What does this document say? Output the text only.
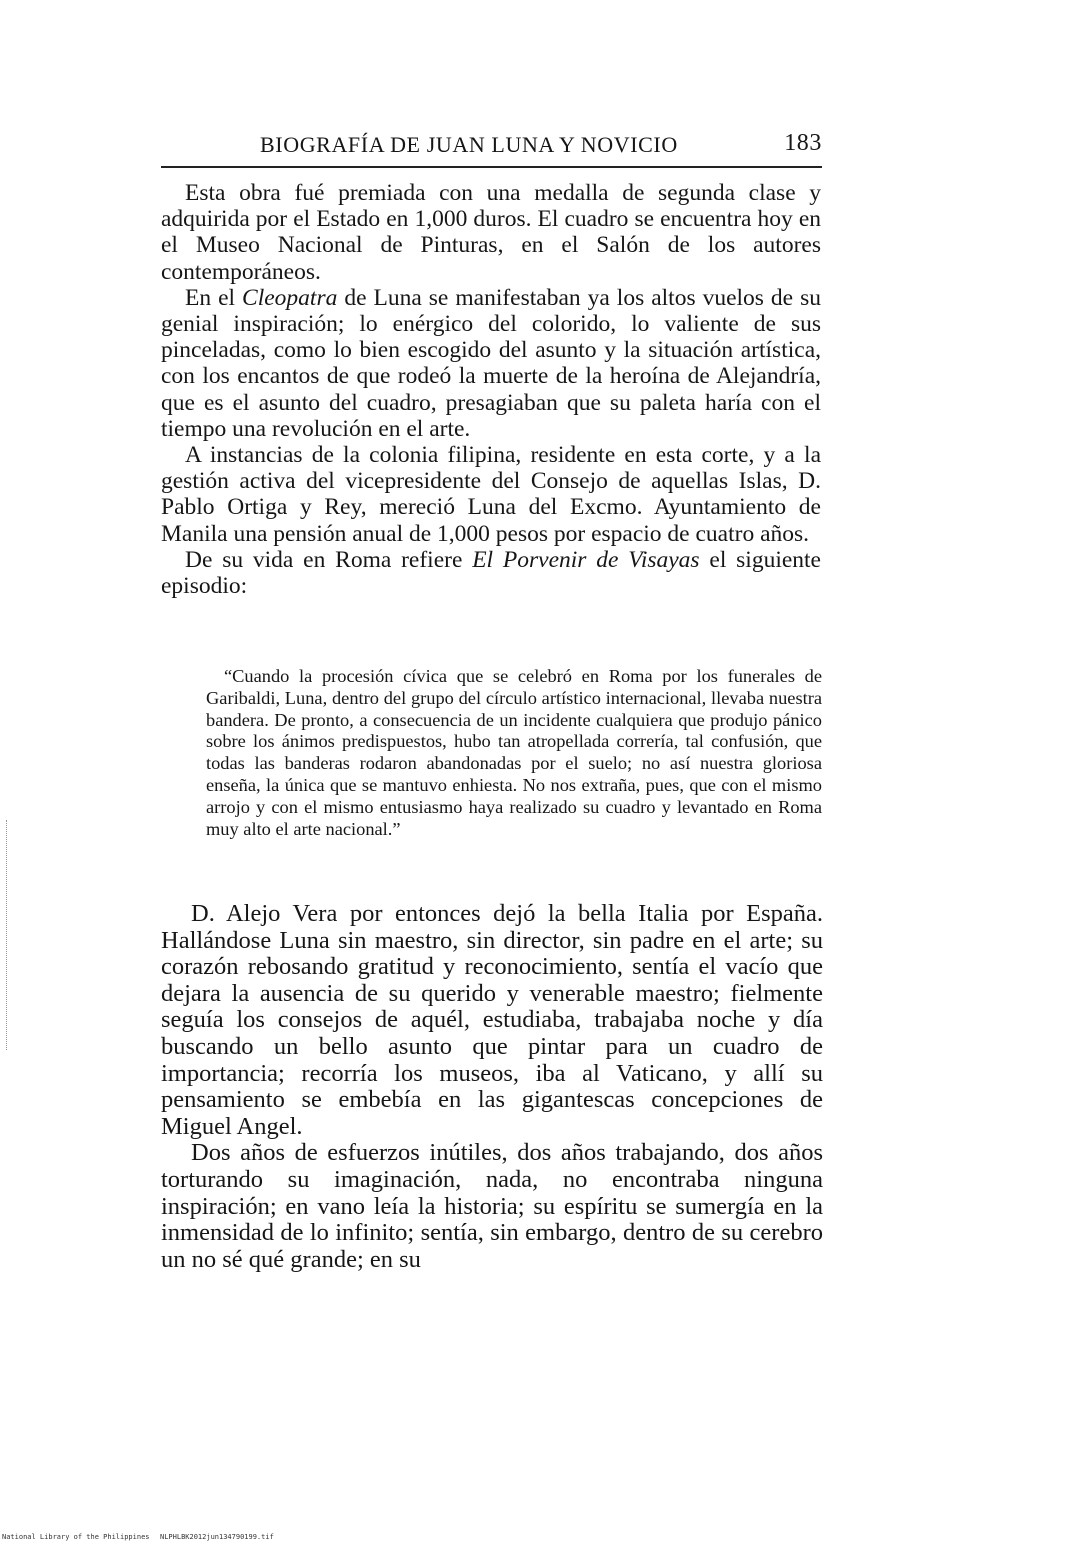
BIOGRAFÍA DE JUAN LUNA Y NOVICIO	183

Esta obra fué premiada con una medalla de segunda clase y adquirida por el Estado en 1,000 duros. El cuadro se encuentra hoy en el Museo Nacional de Pinturas, en el Salón de los autores contemporáneos.

En el Cleopatra de Luna se manifestaban ya los altos vuelos de su genial inspiración; lo enérgico del colorido, lo valiente de sus pinceladas, como lo bien escogido del asunto y la situación artística, con los encantos de que rodeó la muerte de la heroína de Alejandría, que es el asunto del cuadro, presagiaban que su paleta haría con el tiempo una revolución en el arte.

A instancias de la colonia filipina, residente en esta corte, y a la gestión activa del vicepresidente del Consejo de aquellas Islas, D. Pablo Ortiga y Rey, mereció Luna del Excmo. Ayuntamiento de Manila una pensión anual de 1,000 pesos por espacio de cuatro años.

De su vida en Roma refiere El Porvenir de Visayas el siguiente episodio:

“Cuando la procesión cívica que se celebró en Roma por los funerales de Garibaldi, Luna, dentro del grupo del círculo artístico internacional, llevaba nuestra bandera. De pronto, a consecuencia de un incidente cualquiera que produjo pánico sobre los ánimos predispuestos, hubo tan atropellada correría, tal confusión, que todas las banderas rodaron abandonadas por el suelo; no así nuestra gloriosa enseña, la única que se mantuvo enhiesta. No nos extraña, pues, que con el mismo arrojo y con el mismo entusiasmo haya realizado su cuadro y levantado en Roma muy alto el arte nacional.”

D. Alejo Vera por entonces dejó la bella Italia por España. Hallándose Luna sin maestro, sin director, sin padre en el arte; su corazón rebosando gratitud y reconocimiento, sentía el vacío que dejara la ausencia de su querido y venerable maestro; fielmente seguía los consejos de aquél, estudiaba, trabajaba noche y día buscando un bello asunto que pintar para un cuadro de importancia; recorría los museos, iba al Vaticano, y allí su pensamiento se embebía en las gigantescas concepciones de Miguel Angel.

Dos años de esfuerzos inútiles, dos años trabajando, dos años torturando su imaginación, nada, no encontraba ninguna inspiración; en vano leía la historia; su espíritu se sumergía en la inmensidad de lo infinito; sentía, sin embargo, dentro de su cerebro un no sé qué grande; en su

National Library of the Philippines NLPHLBK2012jun134790199.tif
